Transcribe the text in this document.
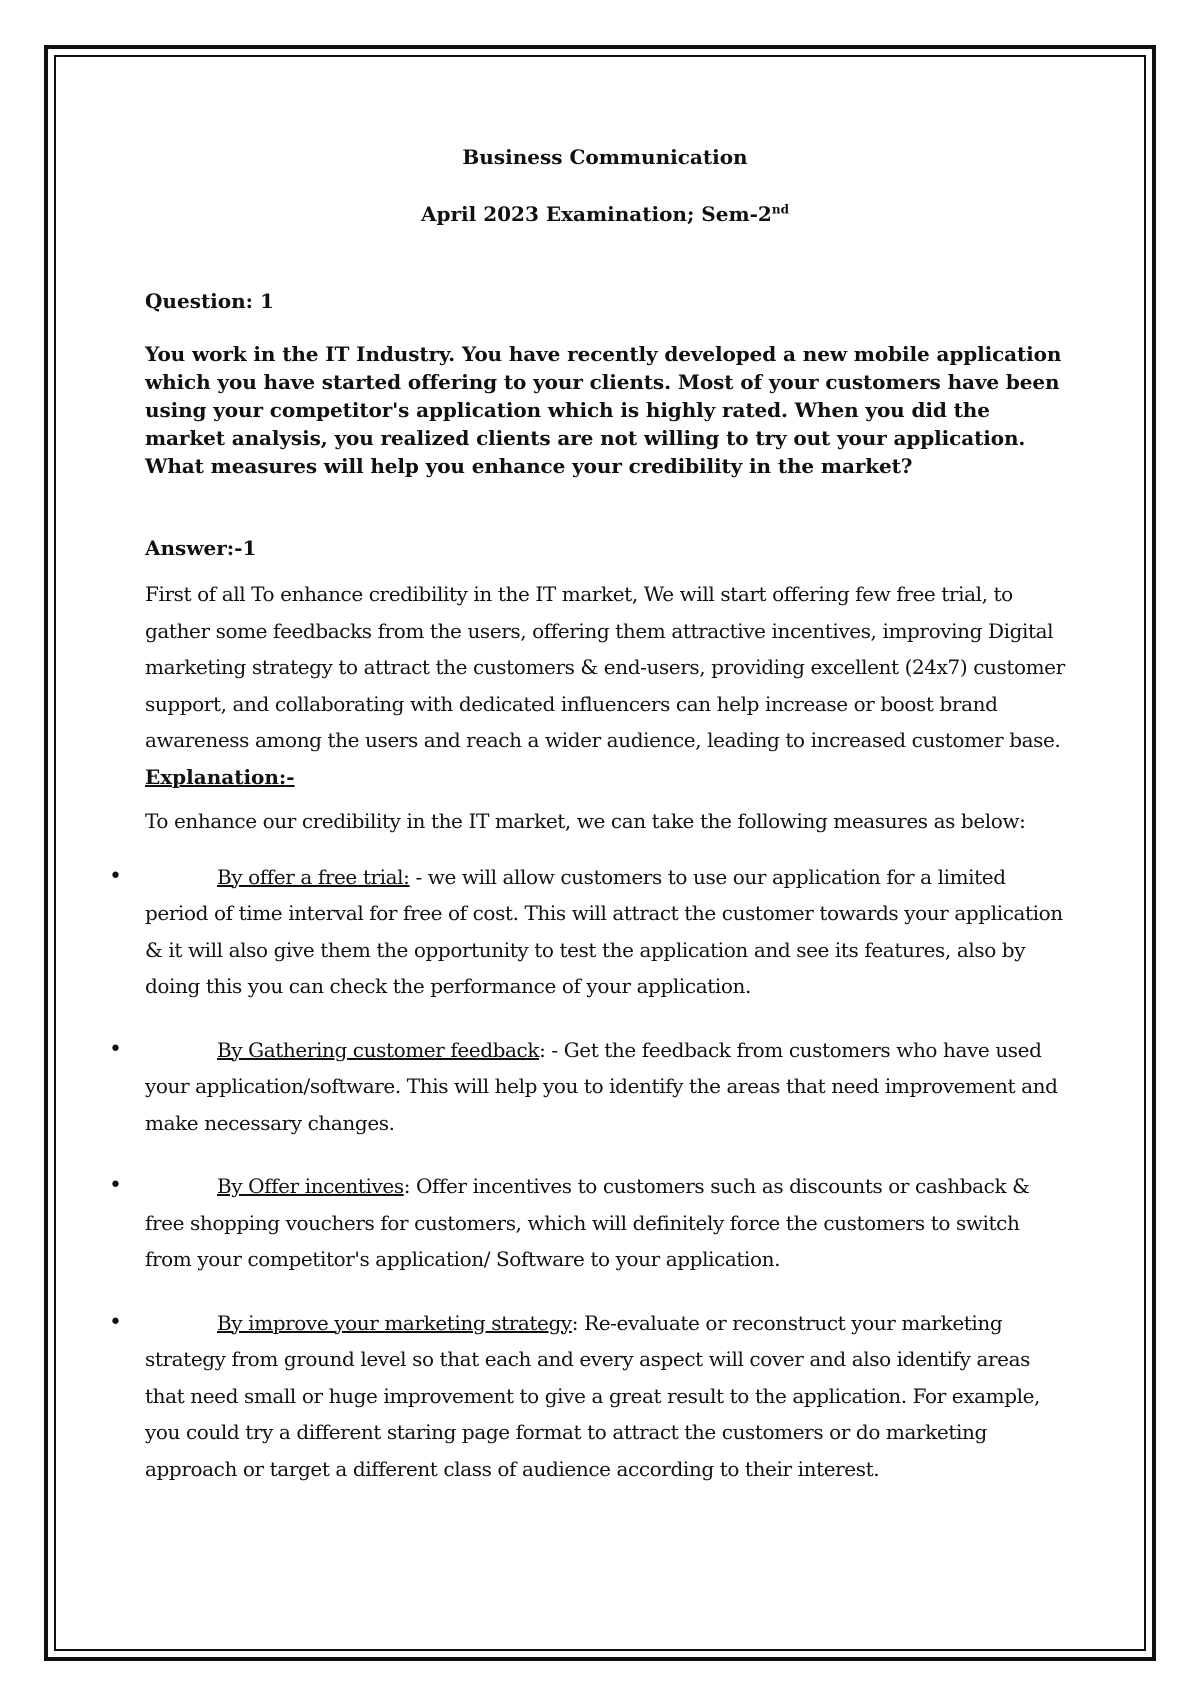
Business Communication
April 2023 Examination; Sem-2nd
Question: 1
You work in the IT Industry. You have recently developed a new mobile application which you have started offering to your clients. Most of your customers have been using your competitor's application which is highly rated. When you did the market analysis, you realized clients are not willing to try out your application. What measures will help you enhance your credibility in the market?
Answer:-1
First of all To enhance credibility in the IT market, We will start offering few free trial, to gather some feedbacks from the users, offering them attractive incentives, improving Digital marketing strategy to attract the customers & end-users, providing excellent (24x7) customer support, and collaborating with dedicated influencers can help increase or boost brand awareness among the users and reach a wider audience, leading to increased customer base.
Explanation:-
To enhance our credibility in the IT market, we can take the following measures as below:
•	By offer a free trial: - we will allow customers to use our application for a limited period of time interval for free of cost. This will attract the customer towards your application & it will also give them the opportunity to test the application and see its features, also by doing this you can check the performance of your application.
•	By Gathering customer feedback: - Get the feedback from customers who have used your application/software. This will help you to identify the areas that need improvement and make necessary changes.
•	By Offer incentives: Offer incentives to customers such as discounts or cashback & free shopping vouchers for customers, which will definitely force the customers to switch from your competitor's application/ Software to your application.
•	By improve your marketing strategy: Re-evaluate or reconstruct your marketing strategy from ground level so that each and every aspect will cover and also identify areas that need small or huge improvement to give a great result to the application. For example, you could try a different staring page format to attract the customers or do marketing approach or target a different class of audience according to their interest.
